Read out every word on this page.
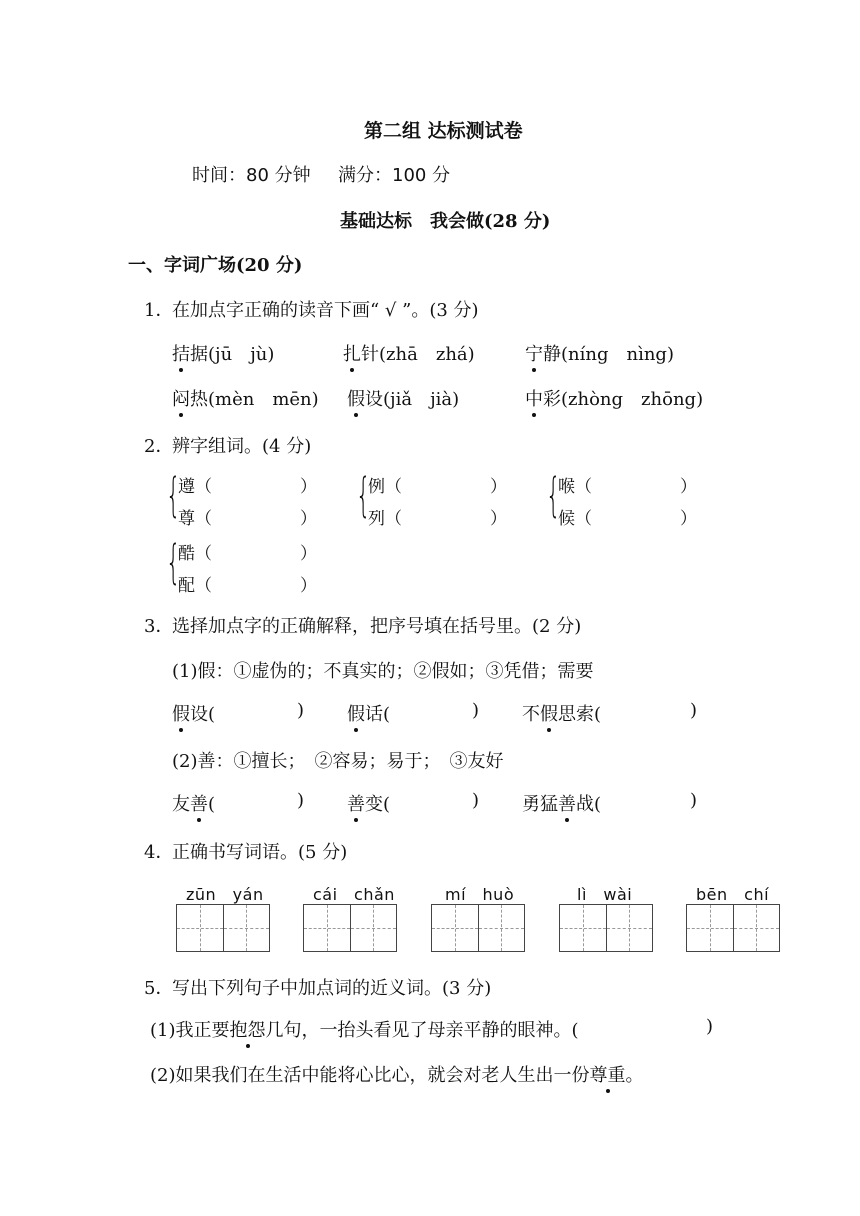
第二组 达标测试卷
时间：80 分钟 满分：100 分
基础达标　我会做(28 分)
一、字词广场(20 分)
1．
在加点字正确的读音下画“ √ ”。(3 分)
拮据(jū　jù)	扎针(zhā　zhá)	宁静(níng　nìng)
闷热(mèn　mēn) 假设(jiǎ　jià)	中彩(zhòng　zhōng)
2．
辨字组词。(4 分)
{
遵（	）
尊（	） {
例（	）
列（	） {
喉（	）
候（	）
{
酷（	）
配（	）
3．
选择加点字的正确解释，把序号填在括号里。(2 分)
(1)假：①虚伪的；不真实的；②假如；③凭借；需要
假设(	) 假话(	) 不假思索(	)
(2)善：①擅长；　②容易；易于；　③友好
友善(	) 善变(	) 勇猛善战(	)
4．
正确书写词语。(5 分)
zūn　yán	cái　chǎn	mí　huò	lì　wài	bēn　chí
5．
写出下列句子中加点词的近义词。(3 分)
(1)我正要抱怨几句，一抬头看见了母亲平静的眼神。(	)
(2)如果我们在生活中能将心比心，就会对老人生出一份尊重。
